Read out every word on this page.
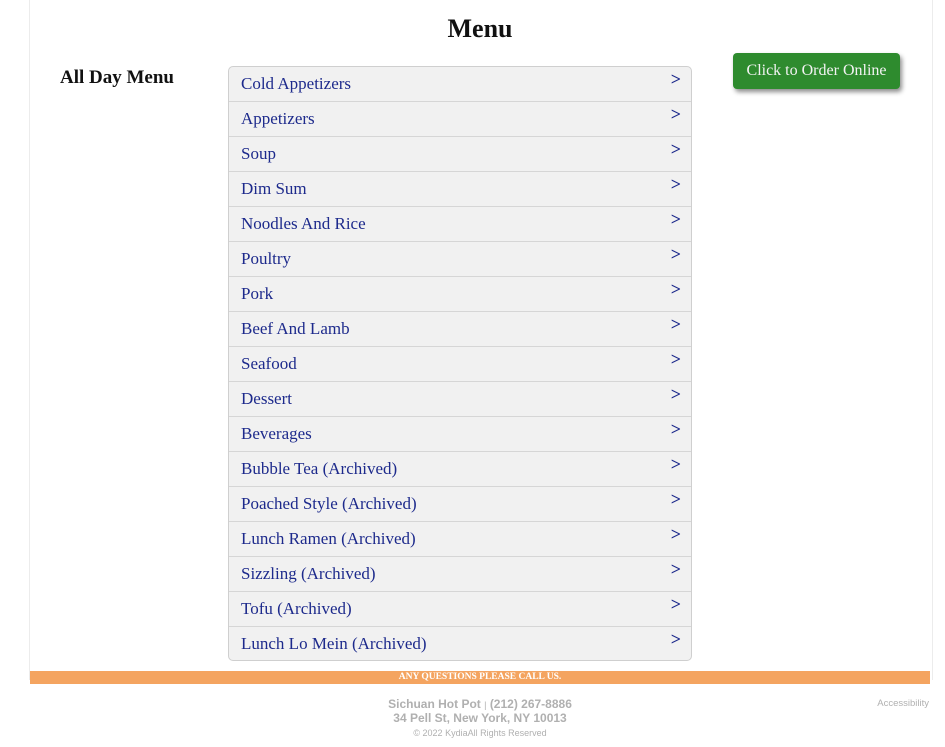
Menu
All Day Menu	Click to Order Online
Cold Appetizers	>
Appetizers	>
Soup	>
Dim Sum	>
Noodles And Rice	>
Poultry	>
Pork	>
Beef And Lamb	>
Seafood	>
Dessert	>
Beverages	>
Bubble Tea (Archived)	>
Poached Style (Archived)	>
Lunch Ramen (Archived)	>
Sizzling (Archived)	>
Tofu (Archived)	>
Lunch Lo Mein (Archived)	>
ANY QUESTIONS PLEASE CALL US.
Sichuan Hot Pot | (212) 267-8886
34 Pell St, New York, NY 10013
© 2022 KydiaAll Rights Reserved
Accessibility
